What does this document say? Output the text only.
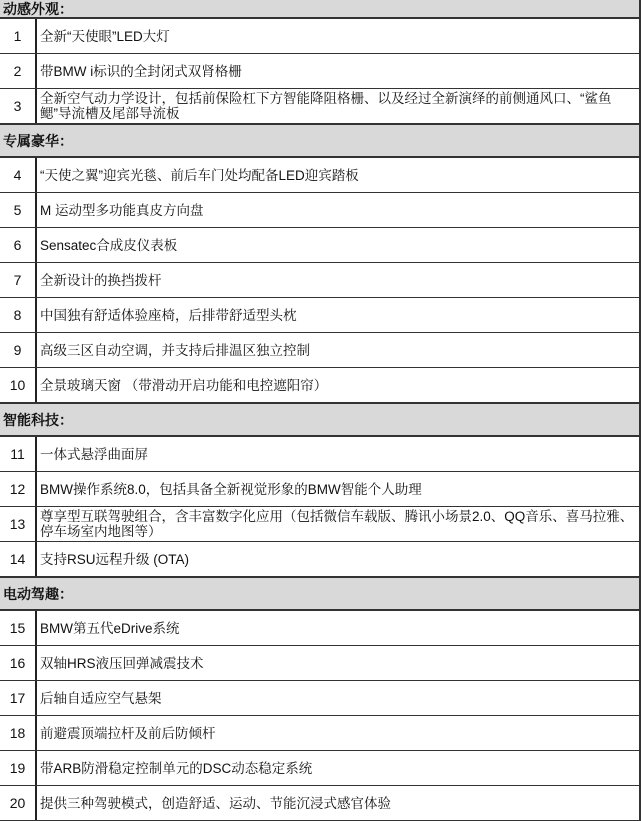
动感外观：
1	全新“天使眼”LED大灯
2	带BMW i标识的全封闭式双肾格栅
3	全新空气动力学设计，包括前保险杠下方智能降阻格栅、以及经过全新演绎的前侧通风口、“鲨鱼鳃”导流槽及尾部导流板
专属豪华：
4	“天使之翼”迎宾光毯、前后车门处均配备LED迎宾踏板
5	M 运动型多功能真皮方向盘
6	Sensatec合成皮仪表板
7	全新设计的换挡拨杆
8	中国独有舒适体验座椅，后排带舒适型头枕
9	高级三区自动空调，并支持后排温区独立控制
10	全景玻璃天窗 （带滑动开启功能和电控遮阳帘）
智能科技：
11	一体式悬浮曲面屏
12	BMW操作系统8.0，包括具备全新视觉形象的BMW智能个人助理
13	尊享型互联驾驶组合，含丰富数字化应用（包括微信车载版、腾讯小场景2.0、QQ音乐、喜马拉雅、停车场室内地图等）
14	支持RSU远程升级 (OTA)
电动驾趣：
15	BMW第五代eDrive系统
16	双轴HRS液压回弹减震技术
17	后轴自适应空气悬架
18	前避震顶端拉杆及前后防倾杆
19	带ARB防滑稳定控制单元的DSC动态稳定系统
20	提供三种驾驶模式，创造舒适、运动、节能沉浸式感官体验
